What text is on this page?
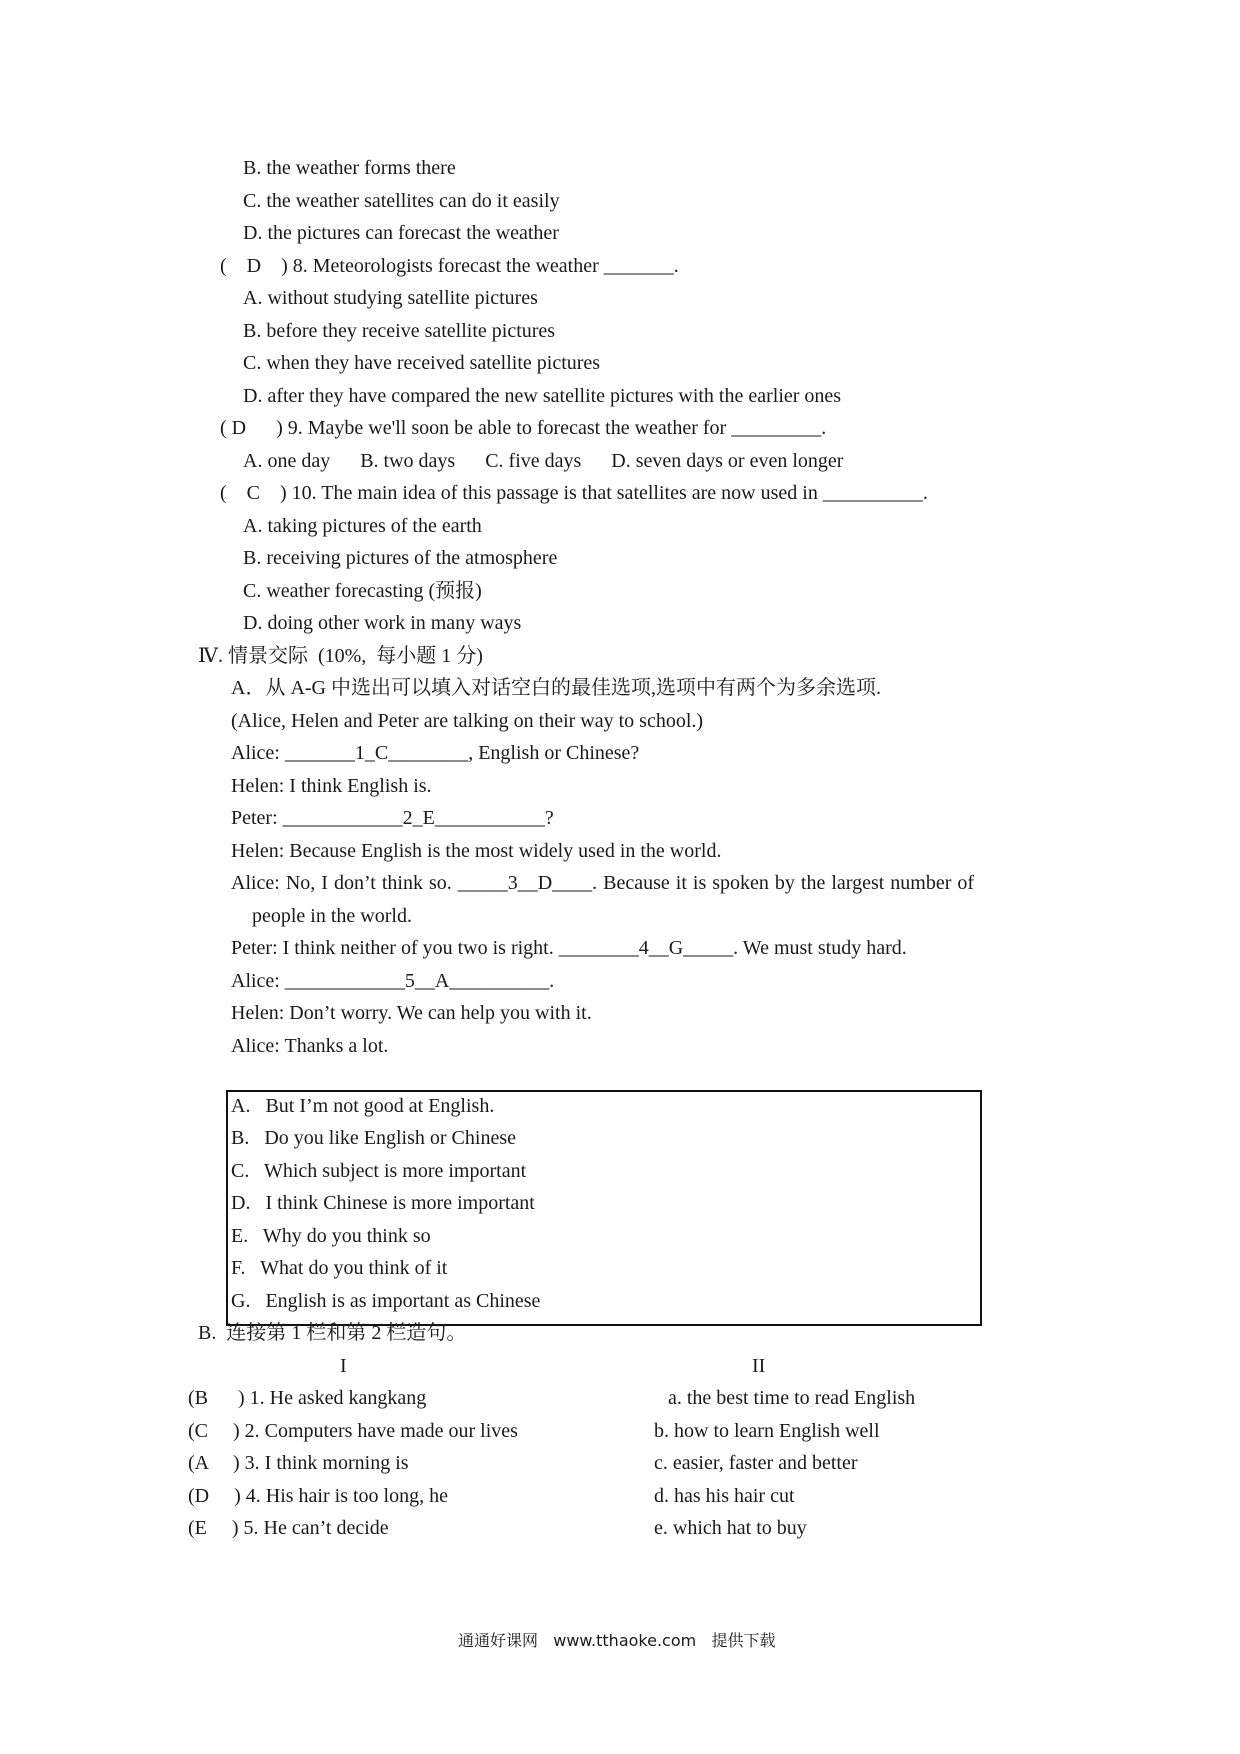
B. the weather forms there
C. the weather satellites can do it easily
D. the pictures can forecast the weather
(    D    ) 8. Meteorologists forecast the weather _______.
A. without studying satellite pictures
B. before they receive satellite pictures
C. when they have received satellite pictures
D. after they have compared the new satellite pictures with the earlier ones
( D      ) 9. Maybe we'll soon be able to forecast the weather for _________.
A. one day      B. two days      C. five days      D. seven days or even longer
(    C    ) 10. The main idea of this passage is that satellites are now used in __________.
A. taking pictures of the earth
B. receiving pictures of the atmosphere
C. weather forecasting (预报)
D. doing other work in many ways
Ⅳ. 情景交际  (10%,  每小题 1 分)
A．从 A-G 中选出可以填入对话空白的最佳选项,选项中有两个为多余选项.
(Alice, Helen and Peter are talking on their way to school.)
Alice: _______1_C________, English or Chinese?
Helen: I think English is.
Peter: ____________2_E___________?
Helen: Because English is the most widely used in the world.
Alice: No, I don’t think so. _____3__D____. Because it is spoken by the largest number of
people in the world.
Peter: I think neither of you two is right. ________4__G_____. We must study hard.
Alice: ____________5__A__________.
Helen: Don’t worry. We can help you with it.
Alice: Thanks a lot.
A.   But I’m not good at English.
B.   Do you like English or Chinese
C.   Which subject is more important
D.   I think Chinese is more important
E.   Why do you think so
F.   What do you think of it
G.   English is as important as Chinese
B.  连接第 1 栏和第 2 栏造句。
I	II
(B      ) 1. He asked kangkang
(C     ) 2. Computers have made our lives
(A     ) 3. I think morning is
(D     ) 4. His hair is too long, he
(E     ) 5. He can’t decide
a. the best time to read English
b. how to learn English well
c. easier, faster and better
d. has his hair cut
e. which hat to buy
通通好课网   www.tthaoke.com   提供下载
